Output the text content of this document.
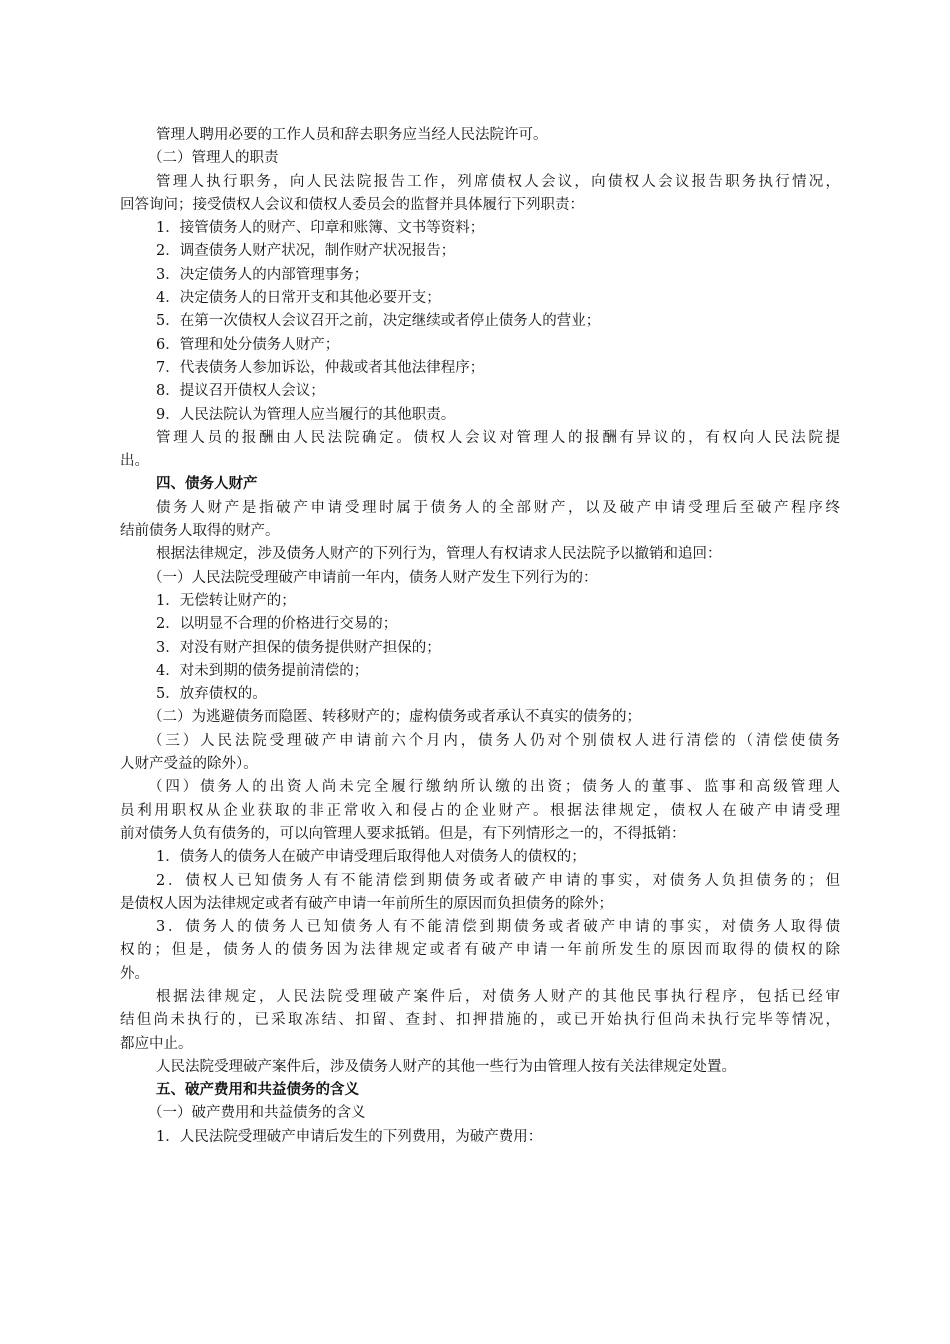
管理人聘用必要的工作人员和辞去职务应当经人民法院许可。
（二）管理人的职责
管理人执行职务，向人民法院报告工作，列席债权人会议，向债权人会议报告职务执行情况，
回答询问；接受债权人会议和债权人委员会的监督并具体履行下列职责：
1．接管债务人的财产、印章和账簿、文书等资料；
2．调查债务人财产状况，制作财产状况报告；
3．决定债务人的内部管理事务；
4．决定债务人的日常开支和其他必要开支；
5．在第一次债权人会议召开之前，决定继续或者停止债务人的营业；
6．管理和处分债务人财产；
7．代表债务人参加诉讼，仲裁或者其他法律程序；
8．提议召开债权人会议；
9．人民法院认为管理人应当履行的其他职责。
管理人员的报酬由人民法院确定。债权人会议对管理人的报酬有异议的，有权向人民法院提
出。
四、债务人财产
债务人财产是指破产申请受理时属于债务人的全部财产，以及破产申请受理后至破产程序终
结前债务人取得的财产。
根据法律规定，涉及债务人财产的下列行为，管理人有权请求人民法院予以撤销和追回：
（一）人民法院受理破产申请前一年内，债务人财产发生下列行为的：
1．无偿转让财产的；
2．以明显不合理的价格进行交易的；
3．对没有财产担保的债务提供财产担保的；
4．对未到期的债务提前清偿的；
5．放弃债权的。
（二）为逃避债务而隐匿、转移财产的；虚构债务或者承认不真实的债务的；
（三）人民法院受理破产申请前六个月内，债务人仍对个别债权人进行清偿的（清偿使债务
人财产受益的除外）。
（四）债务人的出资人尚未完全履行缴纳所认缴的出资；债务人的董事、监事和高级管理人
员利用职权从企业获取的非正常收入和侵占的企业财产。根据法律规定，债权人在破产申请受理
前对债务人负有债务的，可以向管理人要求抵销。但是，有下列情形之一的，不得抵销：
1．债务人的债务人在破产申请受理后取得他人对债务人的债权的；
2．债权人已知债务人有不能清偿到期债务或者破产申请的事实，对债务人负担债务的；但
是债权人因为法律规定或者有破产申请一年前所生的原因而负担债务的除外；
3．债务人的债务人已知债务人有不能清偿到期债务或者破产申请的事实，对债务人取得债
权的；但是，债务人的债务因为法律规定或者有破产申请一年前所发生的原因而取得的债权的除
外。
根据法律规定，人民法院受理破产案件后，对债务人财产的其他民事执行程序，包括已经审
结但尚未执行的，已采取冻结、扣留、查封、扣押措施的，或已开始执行但尚未执行完毕等情况，
都应中止。
人民法院受理破产案件后，涉及债务人财产的其他一些行为由管理人按有关法律规定处置。
五、破产费用和共益债务的含义
（一）破产费用和共益债务的含义
1．人民法院受理破产申请后发生的下列费用，为破产费用：
